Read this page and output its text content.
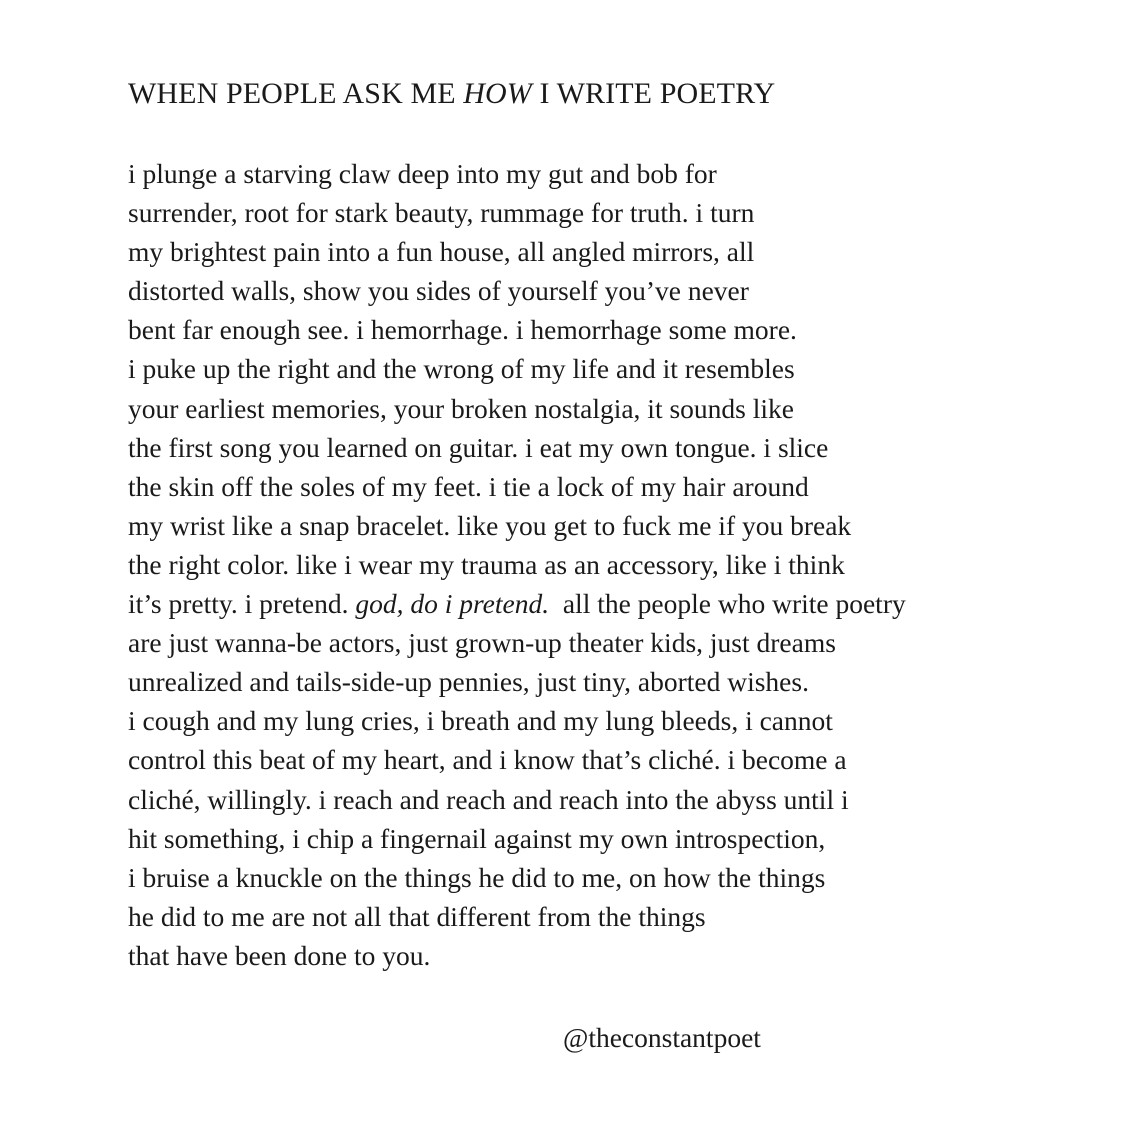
WHEN PEOPLE ASK ME HOW I WRITE POETRY
i plunge a starving claw deep into my gut and bob for
surrender, root for stark beauty, rummage for truth. i turn
my brightest pain into a fun house, all angled mirrors, all
distorted walls, show you sides of yourself you’ve never
bent far enough see. i hemorrhage. i hemorrhage some more.
i puke up the right and the wrong of my life and it resembles
your earliest memories, your broken nostalgia, it sounds like
the first song you learned on guitar. i eat my own tongue. i slice
the skin off the soles of my feet. i tie a lock of my hair around
my wrist like a snap bracelet. like you get to fuck me if you break
the right color. like i wear my trauma as an accessory, like i think
it’s pretty. i pretend. god, do i pretend.  all the people who write poetry
are just wanna-be actors, just grown-up theater kids, just dreams
unrealized and tails-side-up pennies, just tiny, aborted wishes.
i cough and my lung cries, i breath and my lung bleeds, i cannot
control this beat of my heart, and i know that’s cliché. i become a
cliché, willingly. i reach and reach and reach into the abyss until i
hit something, i chip a fingernail against my own introspection,
i bruise a knuckle on the things he did to me, on how the things
he did to me are not all that different from the things
that have been done to you.

@theconstantpoet
